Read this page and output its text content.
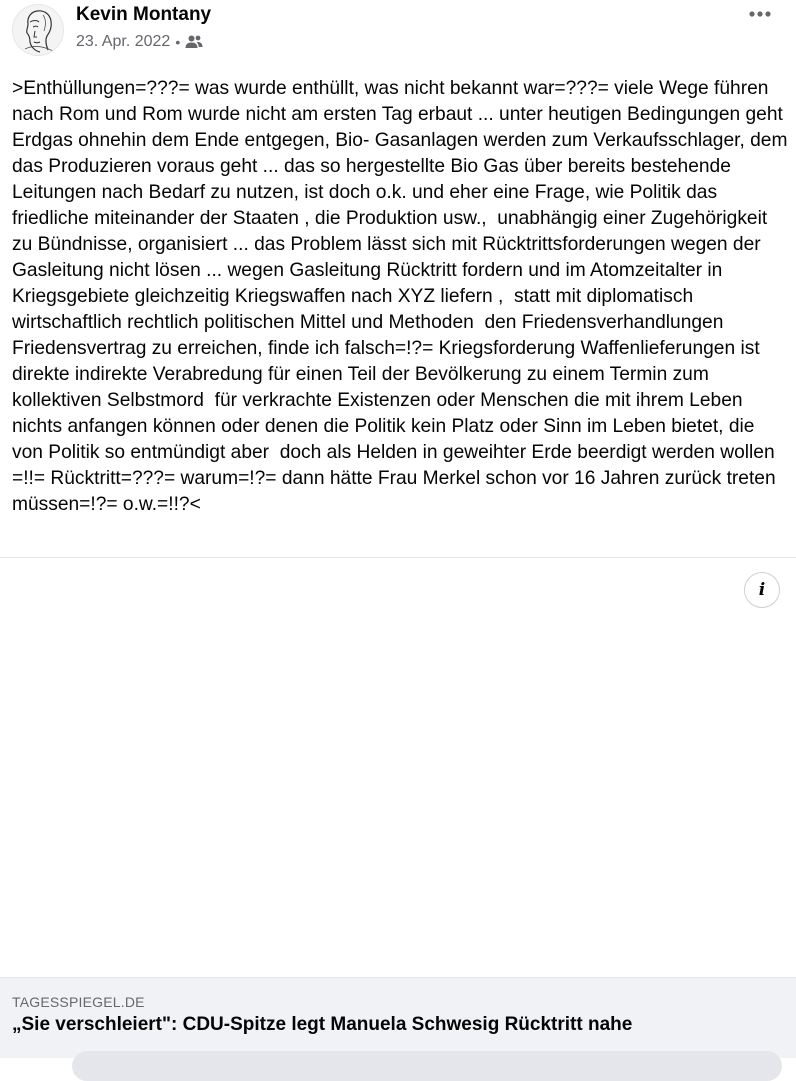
Kevin Montany
23. Apr. 2022 •

>Enthüllungen=???= was wurde enthüllt, was nicht bekannt war=???= viele Wege führen nach Rom und Rom wurde nicht am ersten Tag erbaut ... unter heutigen Bedingungen geht Erdgas ohnehin dem Ende entgegen, Bio- Gasanlagen werden zum Verkaufsschlager, dem das Produzieren voraus geht ... das so hergestellte Bio Gas über bereits bestehende Leitungen nach Bedarf zu nutzen, ist doch o.k. und eher eine Frage, wie Politik das friedliche miteinander der Staaten , die Produktion usw.,  unabhängig einer Zugehörigkeit zu Bündnisse, organisiert ... das Problem lässt sich mit Rücktrittsforderungen wegen der Gasleitung nicht lösen ... wegen Gasleitung Rücktritt fordern und im Atomzeitalter in Kriegsgebiete gleichzeitig Kriegswaffen nach XYZ liefern ,  statt mit diplomatisch wirtschaftlich rechtlich politischen Mittel und Methoden  den Friedensverhandlungen Friedensvertrag zu erreichen, finde ich falsch=!?= Kriegsforderung Waffenlieferungen ist direkte indirekte Verabredung für einen Teil der Bevölkerung zu einem Termin zum kollektiven Selbstmord  für verkrachte Existenzen oder Menschen die mit ihrem Leben nichts anfangen können oder denen die Politik kein Platz oder Sinn im Leben bietet, die von Politik so entmündigt aber  doch als Helden in geweihter Erde beerdigt werden wollen =!!= Rücktritt=???= warum=!?= dann hätte Frau Merkel schon vor 16 Jahren zurück treten müssen=!?= o.w.=!!?<

i
TAGESSPIEGEL.DE
„Sie verschleiert": CDU-Spitze legt Manuela Schwesig Rücktritt nahe
